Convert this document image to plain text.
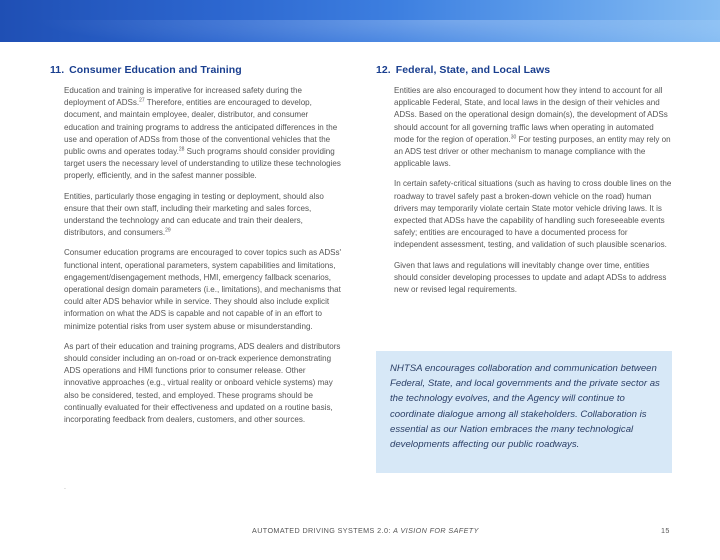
11. Consumer Education and Training

Education and training is imperative for increased safety during the deployment of ADSs.$^{27}$ Therefore, entities are encouraged to develop, document, and maintain employee, dealer, distributor, and consumer education and training programs to address the anticipated differences in the use and operation of ADSs from those of the conventional vehicles that the public owns and operates today.$^{28}$ Such programs should consider providing target users the necessary level of understanding to utilize these technologies properly, efficiently, and in the safest manner possible.

Entities, particularly those engaging in testing or deployment, should also ensure that their own staff, including their marketing and sales forces, understand the technology and can educate and train their dealers, distributors, and consumers.$^{29}$

Consumer education programs are encouraged to cover topics such as ADSs' functional intent, operational parameters, system capabilities and limitations, engagement/disengagement methods, HMI, emergency fallback scenarios, operational design domain parameters (i.e., limitations), and mechanisms that could alter ADS behavior while in service. They should also include explicit information on what the ADS is capable and not capable of in an effort to minimize potential risks from user system abuse or misunderstanding.

As part of their education and training programs, ADS dealers and distributors should consider including an on-road or on-track experience demonstrating ADS operations and HMI functions prior to consumer release. Other innovative approaches (e.g., virtual reality or onboard vehicle systems) may also be considered, tested, and employed. These programs should be continually evaluated for their effectiveness and updated on a routine basis, incorporating feedback from dealers, customers, and other sources.

12. Federal, State, and Local Laws

Entities are also encouraged to document how they intend to account for all applicable Federal, State, and local laws in the design of their vehicles and ADSs. Based on the operational design domain(s), the development of ADSs should account for all governing traffic laws when operating in automated mode for the region of operation.$^{30}$ For testing purposes, an entity may rely on an ADS test driver or other mechanism to manage compliance with the applicable laws.

In certain safety-critical situations (such as having to cross double lines on the roadway to travel safely past a broken-down vehicle on the road) human drivers may temporarily violate certain State motor vehicle driving laws. It is expected that ADSs have the capability of handling such foreseeable events safely; entities are encouraged to have a documented process for independent assessment, testing, and validation of such plausible scenarios.

Given that laws and regulations will inevitably change over time, entities should consider developing processes to update and adapt ADSs to address new or revised legal requirements.

NHTSA encourages collaboration and communication between Federal, State, and local governments and the private sector as the technology evolves, and the Agency will continue to coordinate dialogue among all stakeholders. Collaboration is essential as our Nation embraces the many technological developments affecting our public roadways.

.
AUTOMATED DRIVING SYSTEMS 2.0: A VISION FOR SAFETY	15
